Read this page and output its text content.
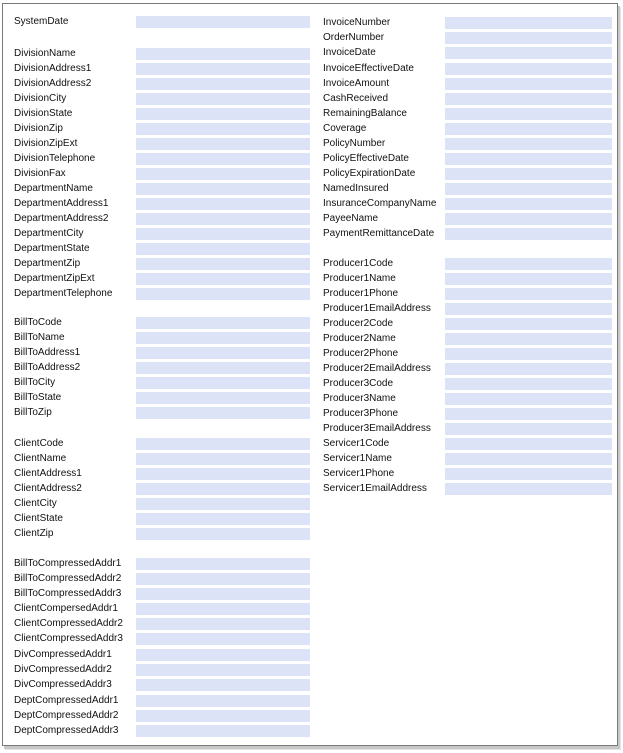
SystemDate
DivisionName
DivisionAddress1
DivisionAddress2
DivisionCity
DivisionState
DivisionZip
DivisionZipExt
DivisionTelephone
DivisionFax
DepartmentName
DepartmentAddress1
DepartmentAddress2
DepartmentCity
DepartmentState
DepartmentZip
DepartmentZipExt
DepartmentTelephone
BillToCode
BillToName
BillToAddress1
BillToAddress2
BillToCity
BillToState
BillToZip
ClientCode
ClientName
ClientAddress1
ClientAddress2
ClientCity
ClientState
ClientZip
BillToCompressedAddr1
BillToCompressedAddr2
BillToCompressedAddr3
ClientCompersedAddr1
ClientCompressedAddr2
ClientCompressedAddr3
DivCompressedAddr1
DivCompressedAddr2
DivCompressedAddr3
DeptCompressedAddr1
DeptCompressedAddr2
DeptCompressedAddr3
InvoiceNumber
OrderNumber
InvoiceDate
InvoiceEffectiveDate
InvoiceAmount
CashReceived
RemainingBalance
Coverage
PolicyNumber
PolicyEffectiveDate
PolicyExpirationDate
NamedInsured
InsuranceCompanyName
PayeeName
PaymentRemittanceDate
Producer1Code
Producer1Name
Producer1Phone
Producer1EmailAddress
Producer2Code
Producer2Name
Producer2Phone
Producer2EmailAddress
Producer3Code
Producer3Name
Producer3Phone
Producer3EmailAddress
Servicer1Code
Servicer1Name
Servicer1Phone
Servicer1EmailAddress
